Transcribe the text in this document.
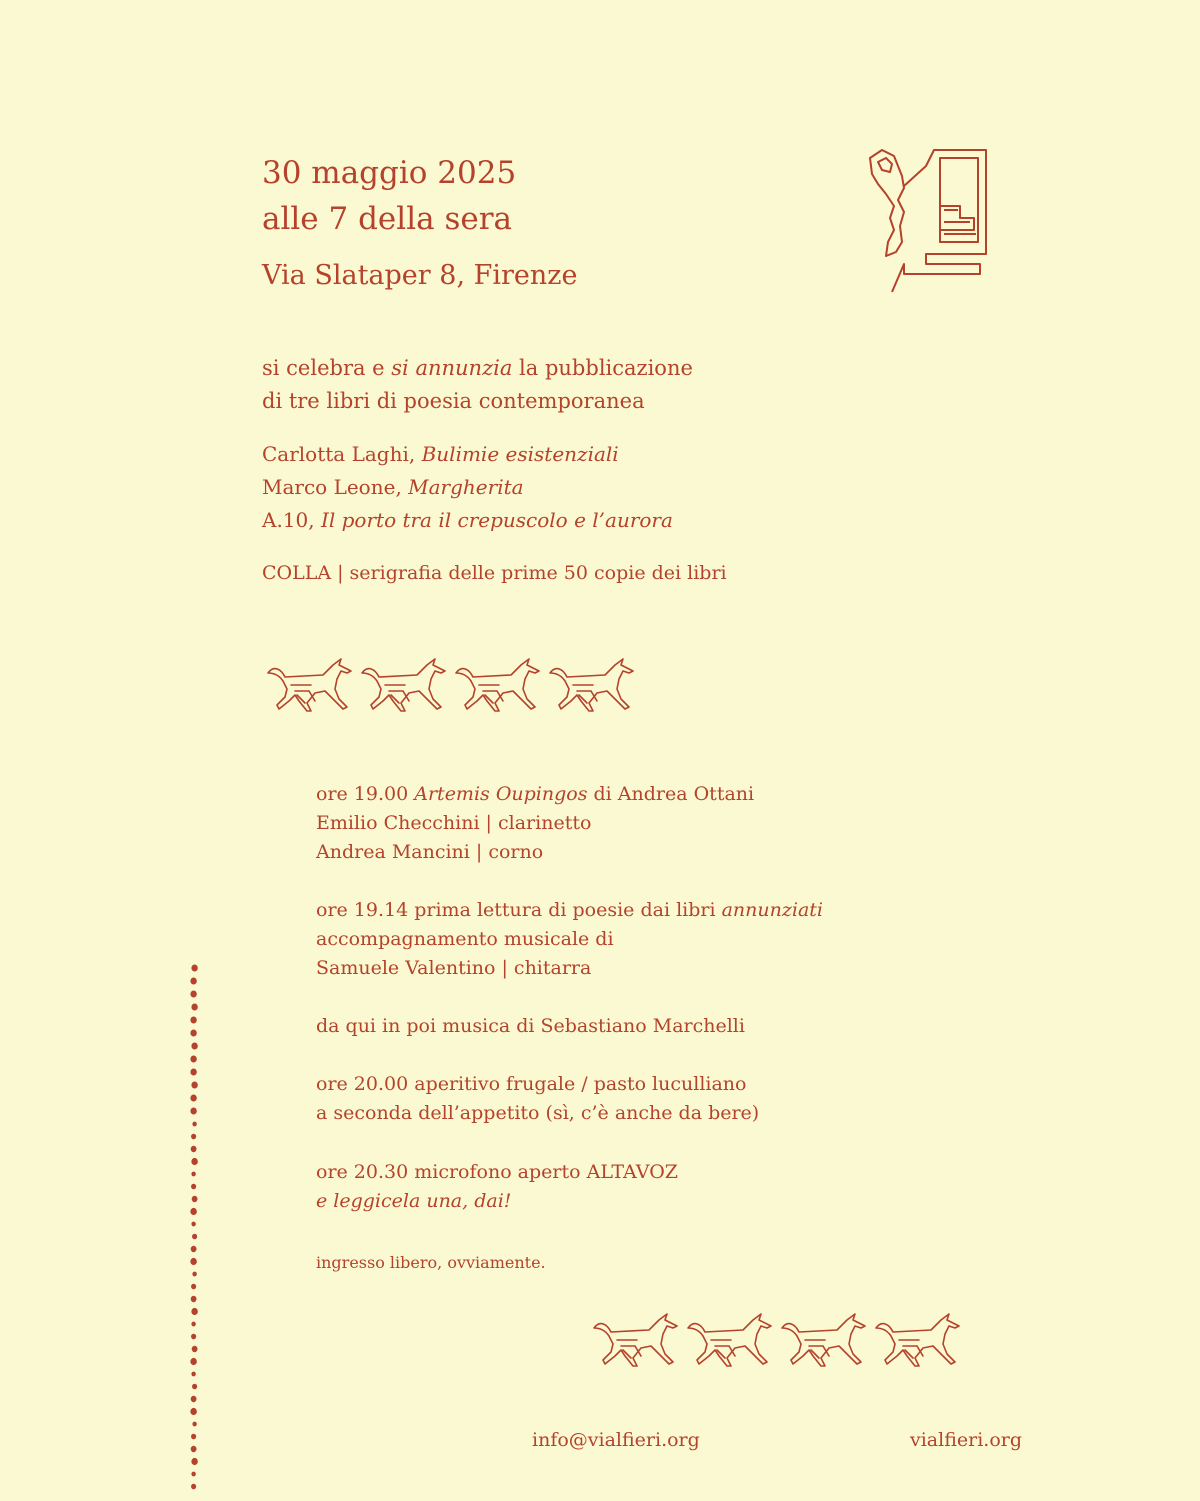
30 maggio 2025
alle 7 della sera
Via Slataper 8, Firenze
si celebra e si annunzia la pubblicazione
di tre libri di poesia contemporanea
Carlotta Laghi, Bulimie esistenziali
Marco Leone, Margherita
A.10, Il porto tra il crepuscolo e l’aurora
COLLA | serigrafia delle prime 50 copie dei libri
ore 19.00 Artemis Oupingos di Andrea Ottani
Emilio Checchini | clarinetto
Andrea Mancini | corno
ore 19.14 prima lettura di poesie dai libri annunziati
accompagnamento musicale di
Samuele Valentino | chitarra
da qui in poi musica di Sebastiano Marchelli
ore 20.00 aperitivo frugale / pasto luculliano
a seconda dell’appetito (sì, c’è anche da bere)
ore 20.30 microfono aperto ALTAVOZ
e leggicela una, dai!
ingresso libero, ovviamente.
info@vialfieri.org	vialfieri.org
